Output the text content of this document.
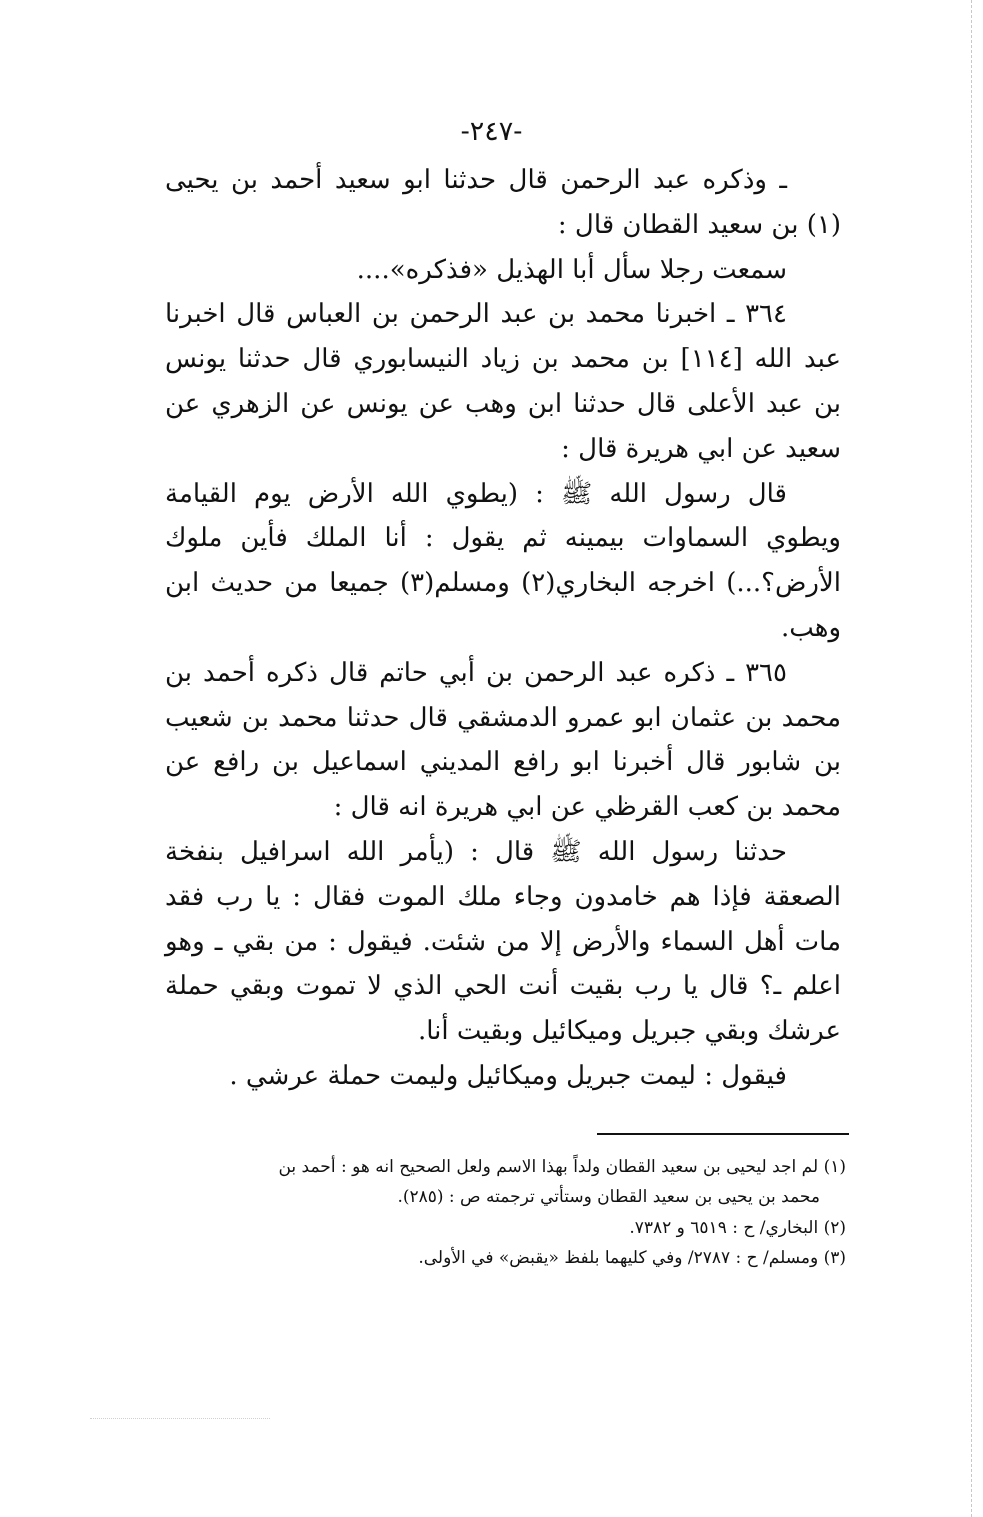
-٢٤٧-

ـ وذكره عبد الرحمن قال حدثنا ابو سعيد أحمد بن يحيى (١) بن سعيد القطان قال :

سمعت رجلا سأل أبا الهذيل «فذكره»....

٣٦٤ ـ اخبرنا محمد بن عبد الرحمن بن العباس قال اخبرنا عبد الله [١١٤] بن محمد بن زياد النيسابوري قال حدثنا يونس بن عبد الأعلى قال حدثنا ابن وهب عن يونس عن الزهري عن سعيد عن ابي هريرة قال :

قال رسول الله ﷺ : (يطوي الله الأرض يوم القيامة ويطوي السماوات بيمينه ثم يقول : أنا الملك فأين ملوك الأرض؟...) اخرجه البخاري(٢) ومسلم(٣) جميعا من حديث ابن وهب.

٣٦٥ ـ ذكره عبد الرحمن بن أبي حاتم قال ذكره أحمد بن محمد بن عثمان ابو عمرو الدمشقي قال حدثنا محمد بن شعيب بن شابور قال أخبرنا ابو رافع المديني اسماعيل بن رافع عن محمد بن كعب القرظي عن ابي هريرة انه قال :

حدثنا رسول الله ﷺ قال : (يأمر الله اسرافيل بنفخة الصعقة فإذا هم خامدون وجاء ملك الموت فقال : يا رب فقد مات أهل السماء والأرض إلا من شئت. فيقول : من بقي ـ وهو اعلم ـ؟ قال يا رب بقيت أنت الحي الذي لا تموت وبقي حملة عرشك وبقي جبريل وميكائيل وبقيت أنا.

فيقول : ليمت جبريل وميكائيل وليمت حملة عرشي .

(١) لم اجد ليحيى بن سعيد القطان ولداً بهذا الاسم ولعل الصحيح انه هو : أحمد بن

محمد بن يحيى بن سعيد القطان وستأتي ترجمته ص : (٢٨٥).

(٢) البخاري/ ح : ٦٥١٩ و ٧٣٨٢.

(٣) ومسلم/ ح : ٢٧٨٧/ وفي كليهما بلفظ «يقبض» في الأولى.
